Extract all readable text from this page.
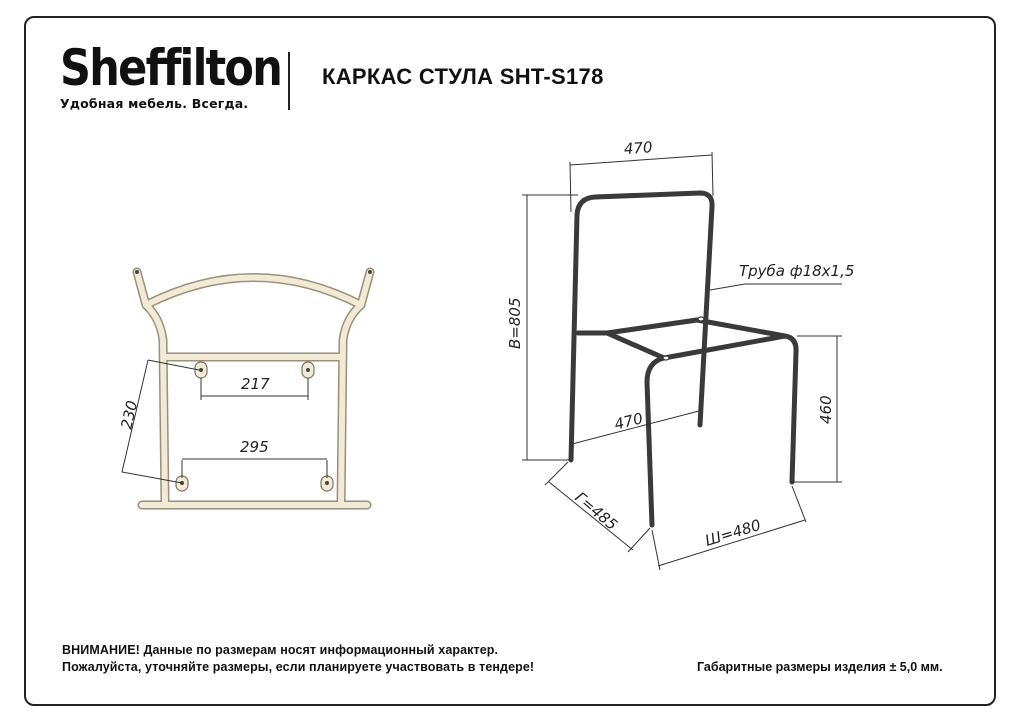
Sheffilton
Удобная мебель. Всегда.
КАРКАС СТУЛА SHT-S178
217
295
230
470
В=805
Труба ф18х1,5
470	460
Г=485	Ш=480
ВНИМАНИЕ! Данные по размерам носят информационный характер.
Пожалуйста, уточняйте размеры, если планируете участвовать в тендере!	Габаритные размеры изделия ± 5,0 мм.
